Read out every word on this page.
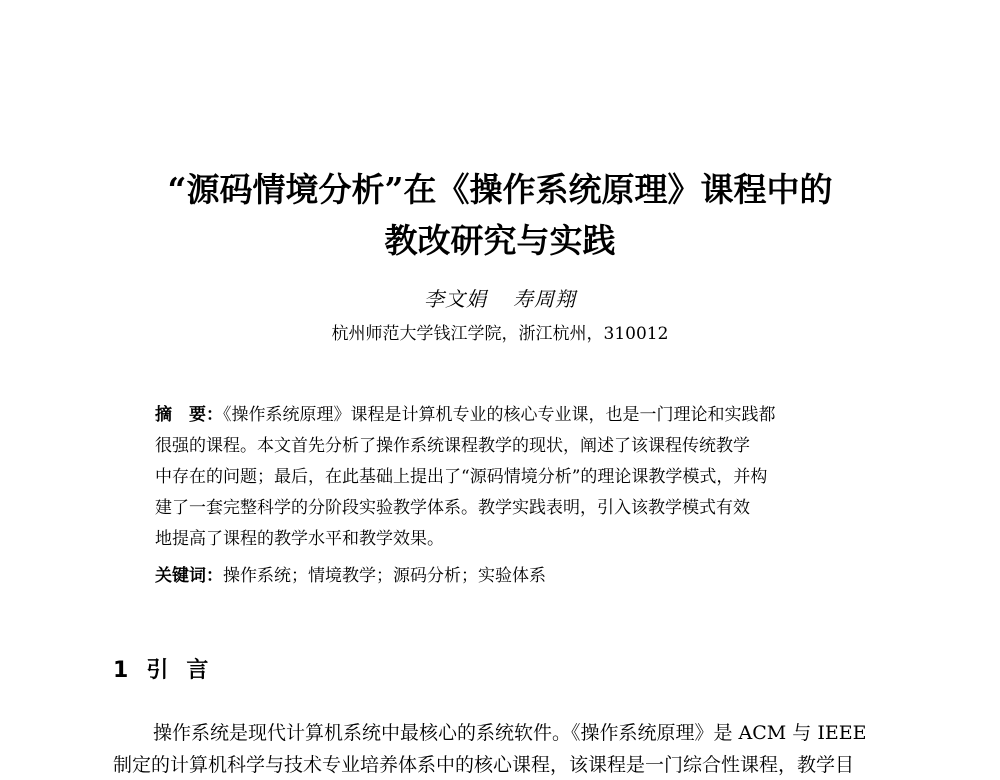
“源码情境分析”在《操作系统原理》课程中的
教改研究与实践
李文娟 寿周翔
杭州师范大学钱江学院，浙江杭州，310012
摘　要：《操作系统原理》课程是计算机专业的核心专业课，也是一门理论和实践都
很强的课程。本文首先分析了操作系统课程教学的现状，阐述了该课程传统教学
中存在的问题；最后，在此基础上提出了“源码情境分析”的理论课教学模式，并构
建了一套完整科学的分阶段实验教学体系。教学实践表明，引入该教学模式有效
地提高了课程的教学水平和教学效果。
关键词：操作系统；情境教学；源码分析；实验体系
1 引 言
操作系统是现代计算机系统中最核心的系统软件。《操作系统原理》是 ACM 与 IEEE
制定的计算机科学与技术专业培养体系中的核心课程，该课程是一门综合性课程，教学目
